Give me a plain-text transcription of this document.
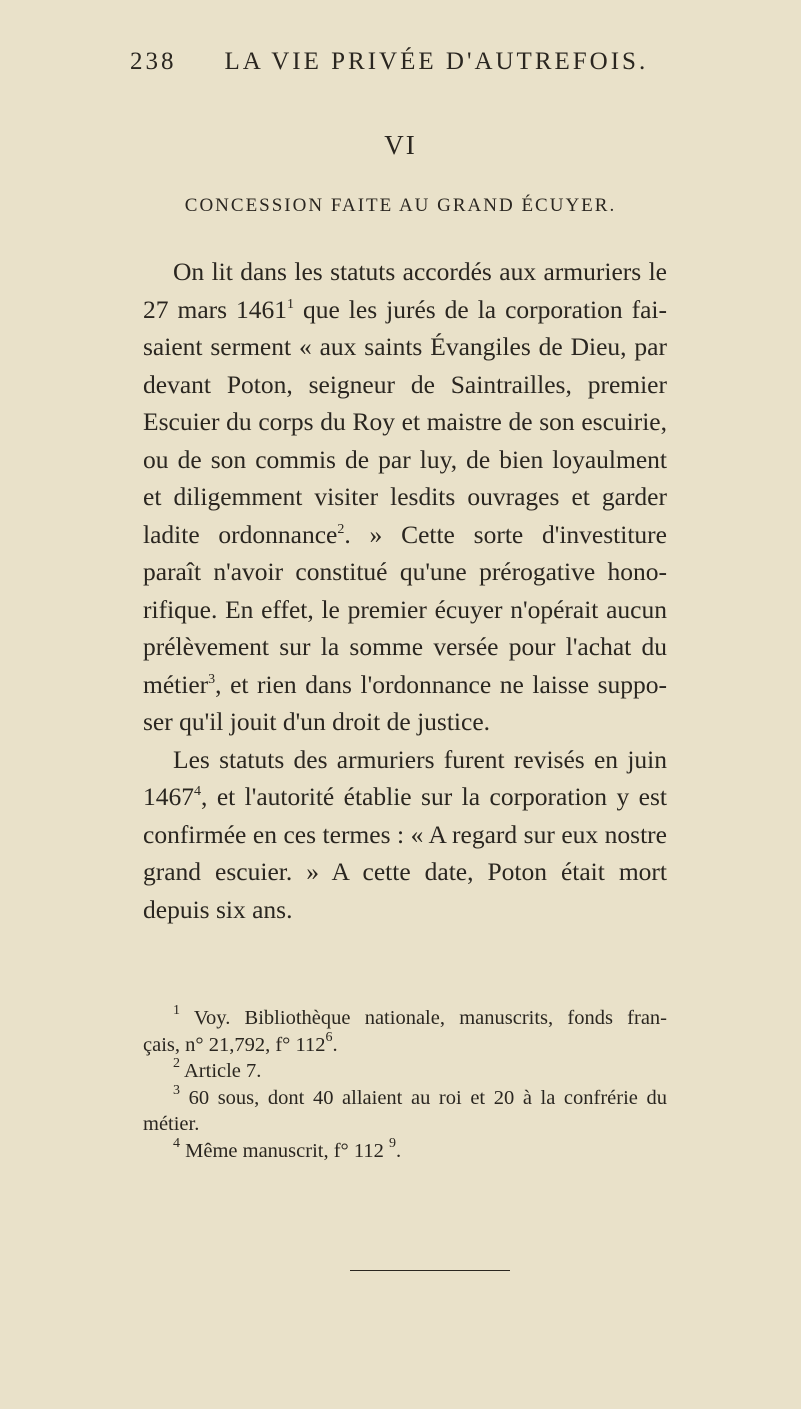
238 LA VIE PRIVÉE D'AUTREFOIS.
VI
CONCESSION FAITE AU GRAND ÉCUYER.
On lit dans les statuts accordés aux armuriers le
27 mars 1461$^1$ que les jurés de la corporation fai-
saient serment « aux saints Évangiles de Dieu, par
devant Poton, seigneur de Saintrailles, premier
Escuier du corps du Roy et maistre de son escuirie,
ou de son commis de par luy, de bien loyaulment
et diligemment visiter lesdits ouvrages et garder
ladite ordonnance$^2$. » Cette sorte d'investiture
paraît n'avoir constitué qu'une prérogative hono-
rifique. En effet, le premier écuyer n'opérait aucun
prélèvement sur la somme versée pour l'achat du
métier$^3$, et rien dans l'ordonnance ne laisse suppo-
ser qu'il jouit d'un droit de justice.
Les statuts des armuriers furent revisés en juin
1467$^4$, et l'autorité établie sur la corporation y est
confirmée en ces termes : « A regard sur eux nostre
grand escuier. » A cette date, Poton était mort
depuis six ans.
$^1$ Voy. Bibliothèque nationale, manuscrits, fonds fran-
çais, n° 21,792, f° $112^6$.
$^2$ Article 7.
$^3$ 60 sous, dont 40 allaient au roi et 20 à la confrérie du
métier.
$^4$ Même manuscrit, f° 112 $^9$.
